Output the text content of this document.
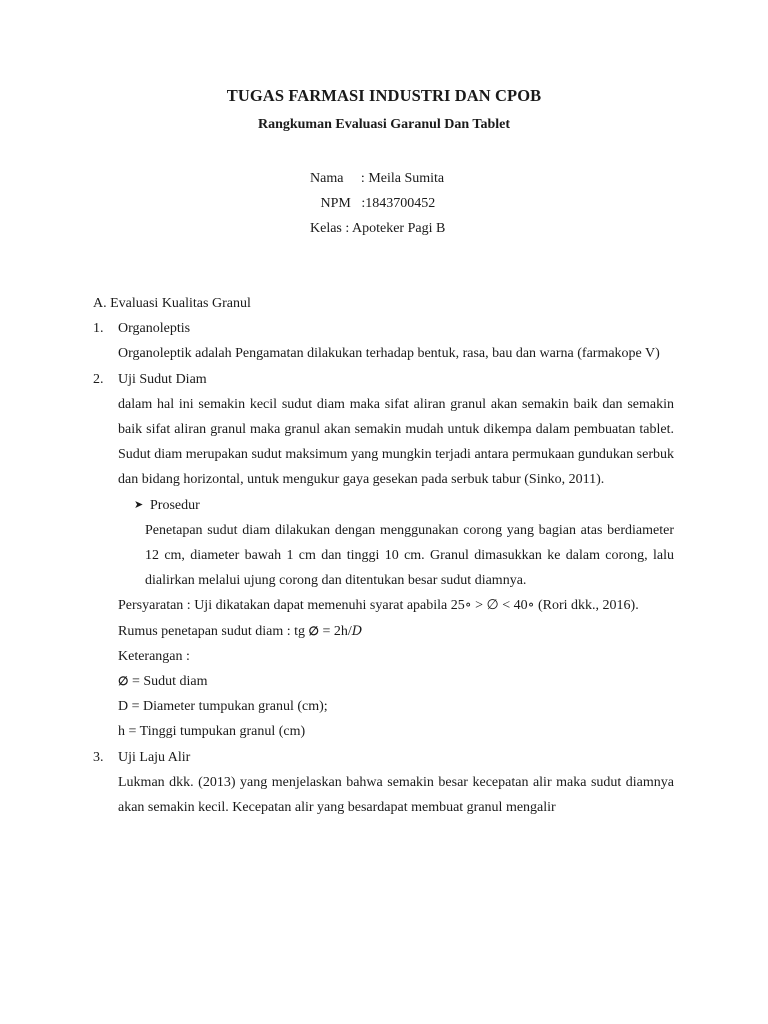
TUGAS FARMASI INDUSTRI DAN CPOB
Rangkuman Evaluasi Garanul Dan Tablet
Nama     : Meila Sumita
NPM   :1843700452
Kelas : Apoteker Pagi B
A. Evaluasi Kualitas Granul
1. Organoleptis
Organoleptik adalah Pengamatan dilakukan terhadap bentuk, rasa, bau dan warna (farmakope V)
2. Uji Sudut Diam
dalam hal ini semakin kecil sudut diam maka sifat aliran granul akan semakin baik dan semakin baik sifat aliran granul maka granul akan semakin mudah untuk dikempa dalam pembuatan tablet. Sudut diam merupakan sudut maksimum yang mungkin terjadi antara permukaan gundukan serbuk dan bidang horizontal, untuk mengukur gaya gesekan pada serbuk tabur (Sinko, 2011).
➤ Prosedur
Penetapan sudut diam dilakukan dengan menggunakan corong yang bagian atas berdiameter 12 cm, diameter bawah 1 cm dan tinggi 10 cm. Granul dimasukkan ke dalam corong, lalu dialirkan melalui ujung corong dan ditentukan besar sudut diamnya.
Persyaratan : Uji dikatakan dapat memenuhi syarat apabila 25∘ > ∅ < 40∘ (Rori dkk., 2016).
Rumus penetapan sudut diam : tg ∅ = 2h/D
Keterangan :
∅ = Sudut diam
D = Diameter tumpukan granul (cm);
h = Tinggi tumpukan granul (cm)
3. Uji Laju Alir
Lukman dkk. (2013) yang menjelaskan bahwa semakin besar kecepatan alir maka sudut diamnya akan semakin kecil. Kecepatan alir yang besardapat membuat granul mengalir
